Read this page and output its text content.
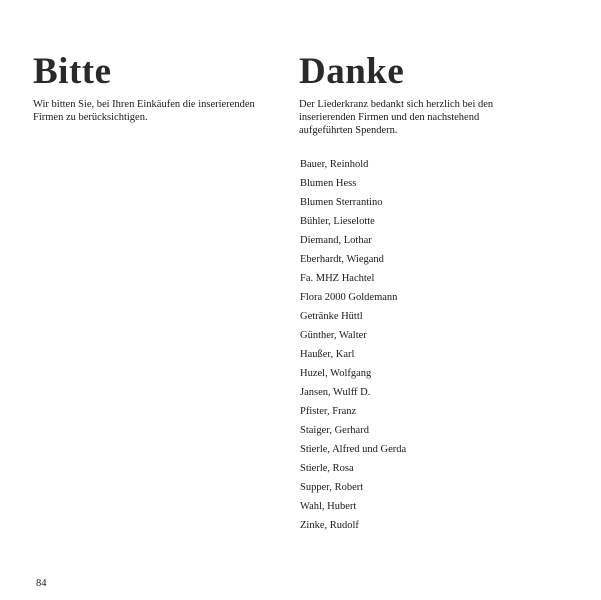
Bitte

Wir bitten Sie, bei Ihren Einkäufen die inserierenden Firmen zu berücksichtigen.

Danke

Der Liederkranz bedankt sich herzlich bei den inserierenden Firmen und den nachstehend aufgeführten Spendern.

Bauer, Reinhold
Blumen Hess
Blumen Sterrantino
Bühler, Lieselotte
Diemand, Lothar
Eberhardt, Wiegand
Fa. MHZ Hachtel
Flora 2000 Goldemann
Getränke Hüttl
Günther, Walter
Haußer, Karl
Huzel, Wolfgang
Jansen, Wulff D.
Pfister, Franz
Staiger, Gerhard
Stierle, Alfred und Gerda
Stierle, Rosa
Supper, Robert
Wahl, Hubert
Zinke, Rudolf
84
